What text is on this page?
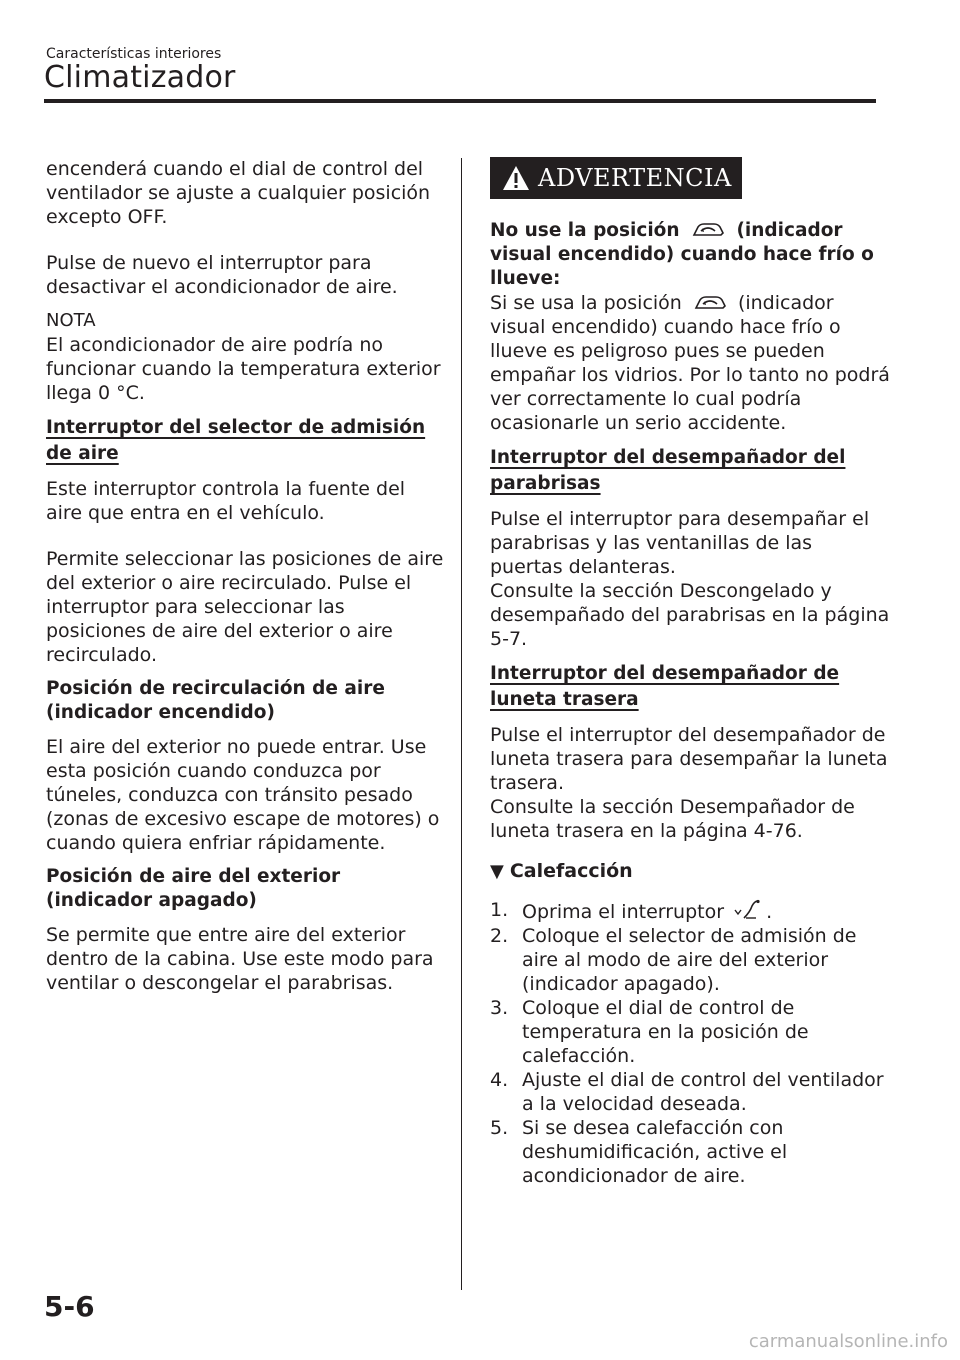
Características interiores
Climatizador

encenderá cuando el dial de control del ventilador se ajuste a cualquier posición excepto OFF.

Pulse de nuevo el interruptor para desactivar el acondicionador de aire.

NOTA

El acondicionador de aire podría no funcionar cuando la temperatura exterior llega 0 °C.

Interruptor del selector de admisión
de aire

Este interruptor controla la fuente del aire que entra en el vehículo.

Permite seleccionar las posiciones de aire del exterior o aire recirculado. Pulse el interruptor para seleccionar las posiciones de aire del exterior o aire recirculado.

Posición de recirculación de aire

(indicador encendido)

El aire del exterior no puede entrar. Use esta posición cuando conduzca por túneles, conduzca con tránsito pesado (zonas de excesivo escape de motores) o cuando quiera enfriar rápidamente.

Posición de aire del exterior

(indicador apagado)

Se permite que entre aire del exterior dentro de la cabina. Use este modo para ventilar o descongelar el parabrisas.

ADVERTENCIA

No use la posición	(indicador visual encendido) cuando hace frío o llueve:

Si se usa la posición	(indicador visual encendido) cuando hace frío o llueve es peligroso pues se pueden empañar los vidrios. Por lo tanto no podrá ver correctamente lo cual podría ocasionarle un serio accidente.

Interruptor del desempañador del
parabrisas

Pulse el interruptor para desempañar el parabrisas y las ventanillas de las puertas delanteras.

Consulte la sección Descongelado y desempañado del parabrisas en la página 5-7.

Interruptor del desempañador de
luneta trasera

Pulse el interruptor del desempañador de luneta trasera para desempañar la luneta trasera.

Consulte la sección Desempañador de luneta trasera en la página 4-76.

▼ Calefacción

1. Oprima el interruptor .
2. Coloque el selector de admisión de aire al modo de aire del exterior (indicador apagado).
3. Coloque el dial de control de temperatura en la posición de calefacción.
4. Ajuste el dial de control del ventilador a la velocidad deseada.
5. Si se desea calefacción con deshumidificación, active el acondicionador de aire.
5-6
carmanualsonline.info
